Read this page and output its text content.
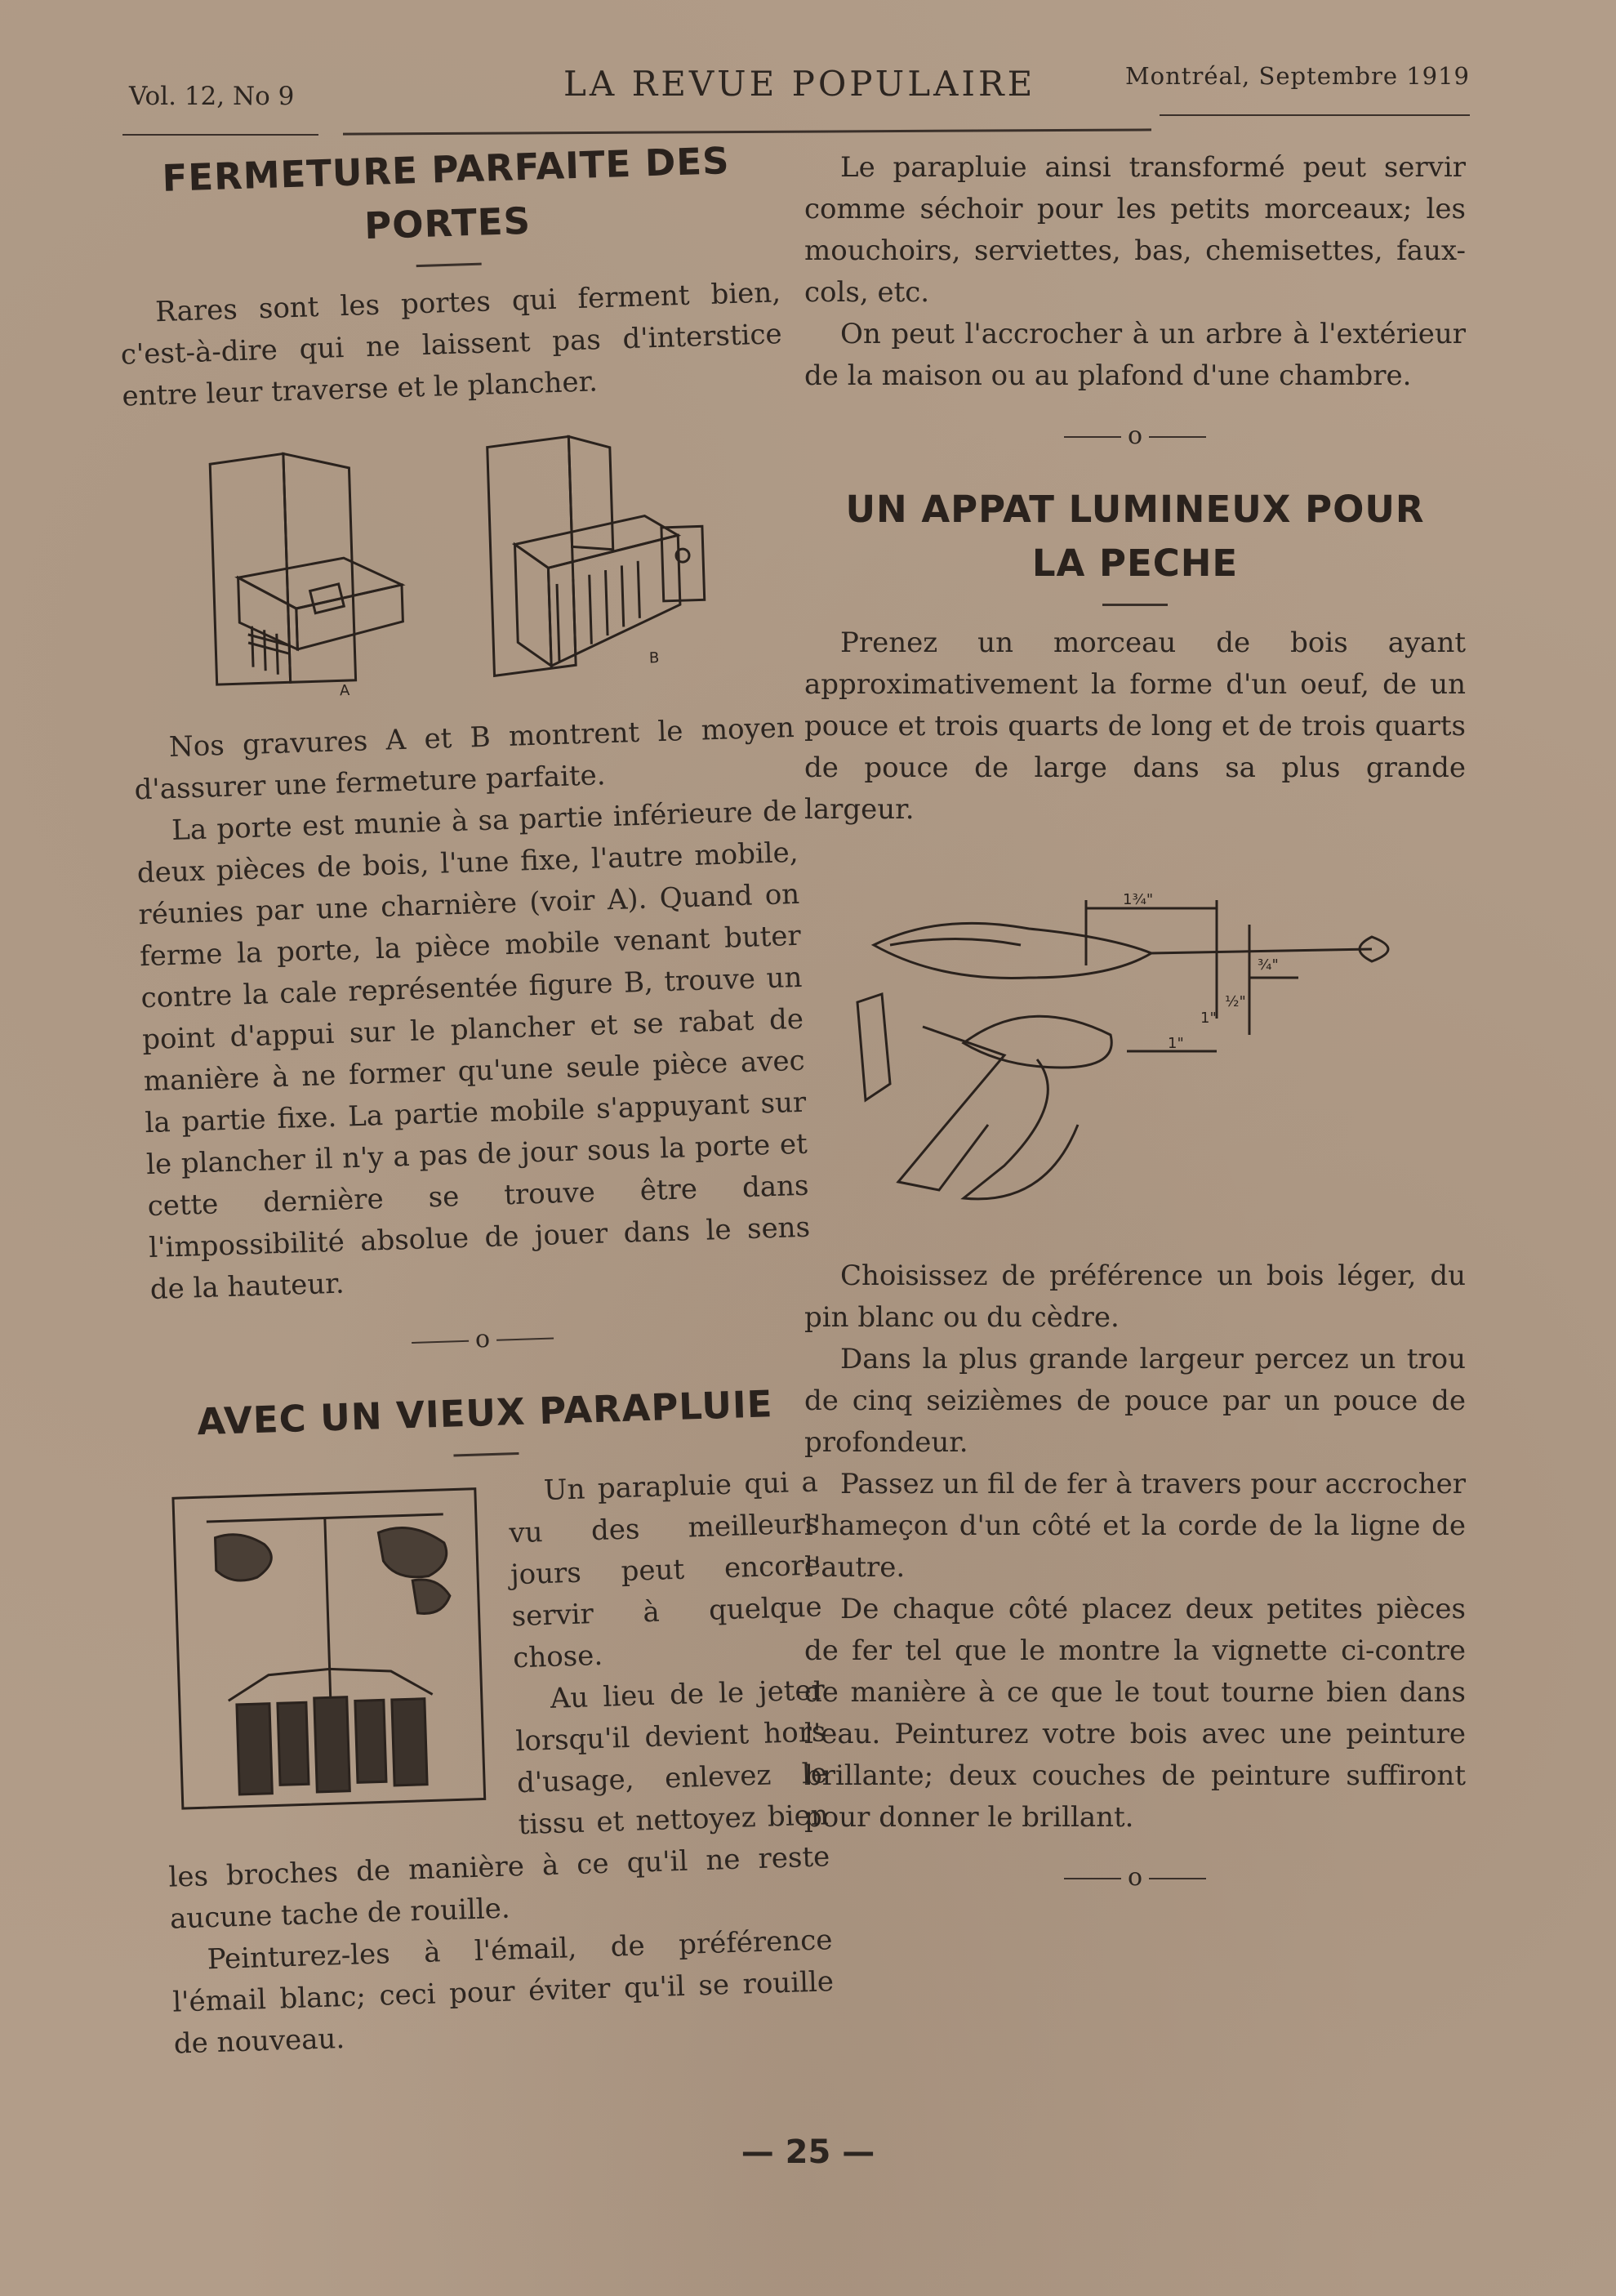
Vol. 12, No 9	LA REVUE POPULAIRE	Montréal, Septembre 1919
FERMETURE PARFAITE DES
PORTES

Rares sont les portes qui ferment bien, c'est-à-dire qui ne laissent pas d'interstice entre leur traverse et le plancher.

A
B

Nos gravures A et B montrent le moyen d'assurer une fermeture parfaite.

La porte est munie à sa partie inférieure de deux pièces de bois, l'une fixe, l'autre mobile, réunies par une charnière (voir A). Quand on ferme la porte, la pièce mobile venant buter contre la cale représentée figure B, trouve un point d'appui sur le plancher et se rabat de manière à ne former qu'une seule pièce avec la partie fixe. La partie mobile s'appuyant sur le plancher il n'y a pas de jour sous la porte et cette dernière se trouve être dans l'impossibilité absolue de jouer dans le sens de la hauteur.

o
AVEC UN VIEUX PARAPLUIE

Un parapluie qui a vu des meilleurs jours peut encore servir à quelque chose.

Au lieu de le jeter lorsqu'il devient hors d'usage, enlevez le tissu et nettoyez bien les broches de manière à ce qu'il ne reste aucune tache de rouille.

Peinturez-les à l'émail, de préférence l'émail blanc; ceci pour éviter qu'il se rouille de nouveau.

Le parapluie ainsi transformé peut servir comme séchoir pour les petits morceaux; les mouchoirs, serviettes, bas, chemisettes, faux-cols, etc.

On peut l'accrocher à un arbre à l'extérieur de la maison ou au plafond d'une chambre.

o
UN APPAT LUMINEUX POUR
LA PECHE

Prenez un morceau de bois ayant approximativement la forme d'un oeuf, de un pouce et trois quarts de long et de trois quarts de pouce de large dans sa plus grande largeur.

1¾"
1"
½"
¾"
1"

Choisissez de préférence un bois léger, du pin blanc ou du cèdre.

Dans la plus grande largeur percez un trou de cinq seizièmes de pouce par un pouce de profondeur.

Passez un fil de fer à travers pour accrocher l'hameçon d'un côté et la corde de la ligne de l'autre.

De chaque côté placez deux petites pièces de fer tel que le montre la vignette ci-contre de manière à ce que le tout tourne bien dans l'eau. Peinturez votre bois avec une peinture brillante; deux couches de peinture suffiront pour donner le brillant.

o
— 25 —
